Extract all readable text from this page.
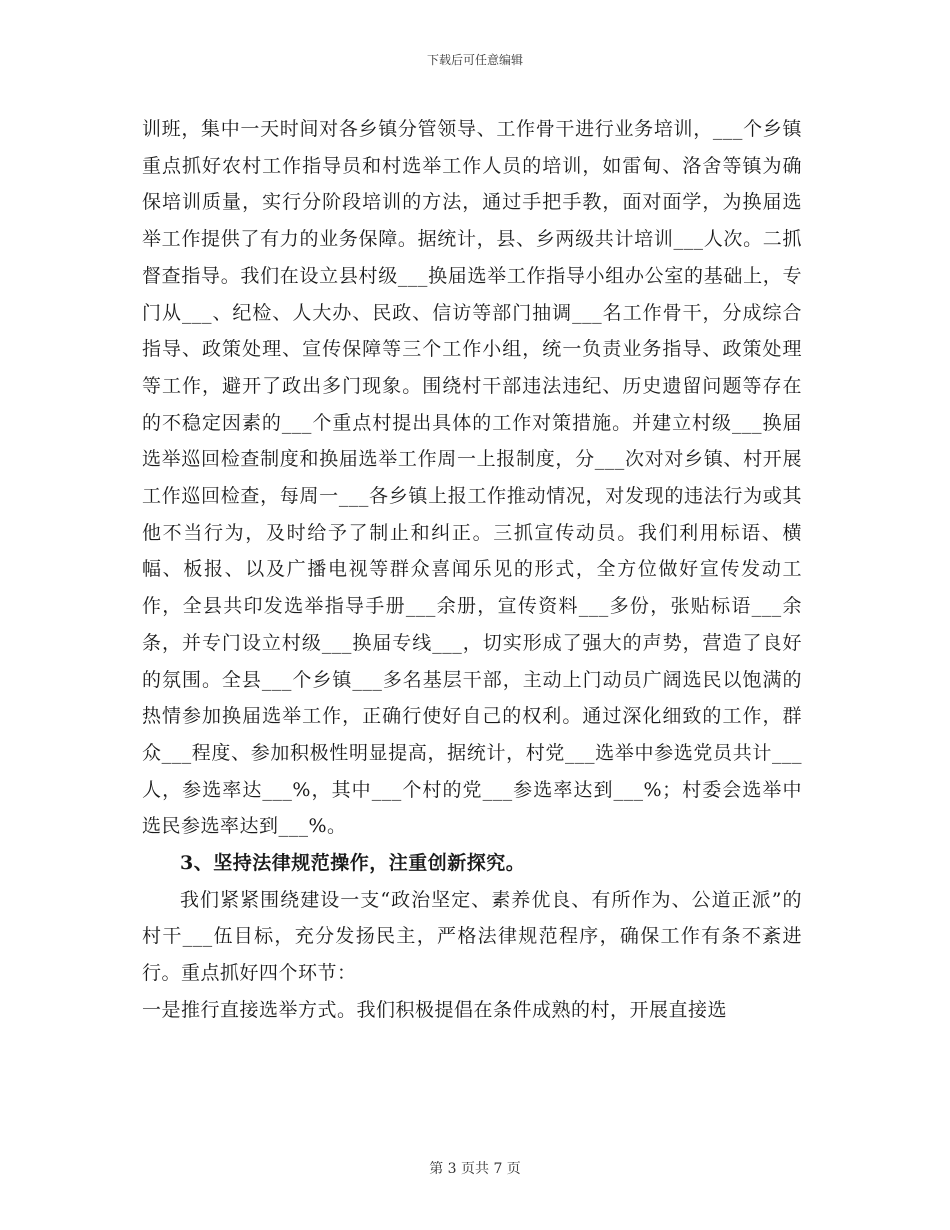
下载后可任意编辑

训班，集中一天时间对各乡镇分管领导、工作骨干进行业务培训，___个乡镇重点抓好农村工作指导员和村选举工作人员的培训，如雷甸、洛舍等镇为确保培训质量，实行分阶段培训的方法，通过手把手教，面对面学，为换届选举工作提供了有力的业务保障。据统计，县、乡两级共计培训___人次。二抓督查指导。我们在设立县村级___换届选举工作指导小组办公室的基础上，专门从___、纪检、人大办、民政、信访等部门抽调___名工作骨干，分成综合指导、政策处理、宣传保障等三个工作小组，统一负责业务指导、政策处理等工作，避开了政出多门现象。围绕村干部违法违纪、历史遗留问题等存在的不稳定因素的___个重点村提出具体的工作对策措施。并建立村级___换届选举巡回检查制度和换届选举工作周一上报制度，分___次对对乡镇、村开展工作巡回检查，每周一___各乡镇上报工作推动情况，对发现的违法行为或其他不当行为，及时给予了制止和纠正。三抓宣传动员。我们利用标语、横幅、板报、以及广播电视等群众喜闻乐见的形式，全方位做好宣传发动工作，全县共印发选举指导手册___余册，宣传资料___多份，张贴标语___余条，并专门设立村级___换届专线___，切实形成了强大的声势，营造了良好的氛围。全县___个乡镇___多名基层干部，主动上门动员广阔选民以饱满的热情参加换届选举工作，正确行使好自己的权利。通过深化细致的工作，群众___程度、参加积极性明显提高，据统计，村党___选举中参选党员共计___人，参选率达___%，其中___个村的党___参选率达到___%；村委会选举中选民参选率达到___%。

3、坚持法律规范操作，注重创新探究。

我们紧紧围绕建设一支“政治坚定、素养优良、有所作为、公道正派”的村干___伍目标，充分发扬民主，严格法律规范程序，确保工作有条不紊进行。重点抓好四个环节：

一是推行直接选举方式。我们积极提倡在条件成熟的村，开展直接选

第 3 页共 7 页
